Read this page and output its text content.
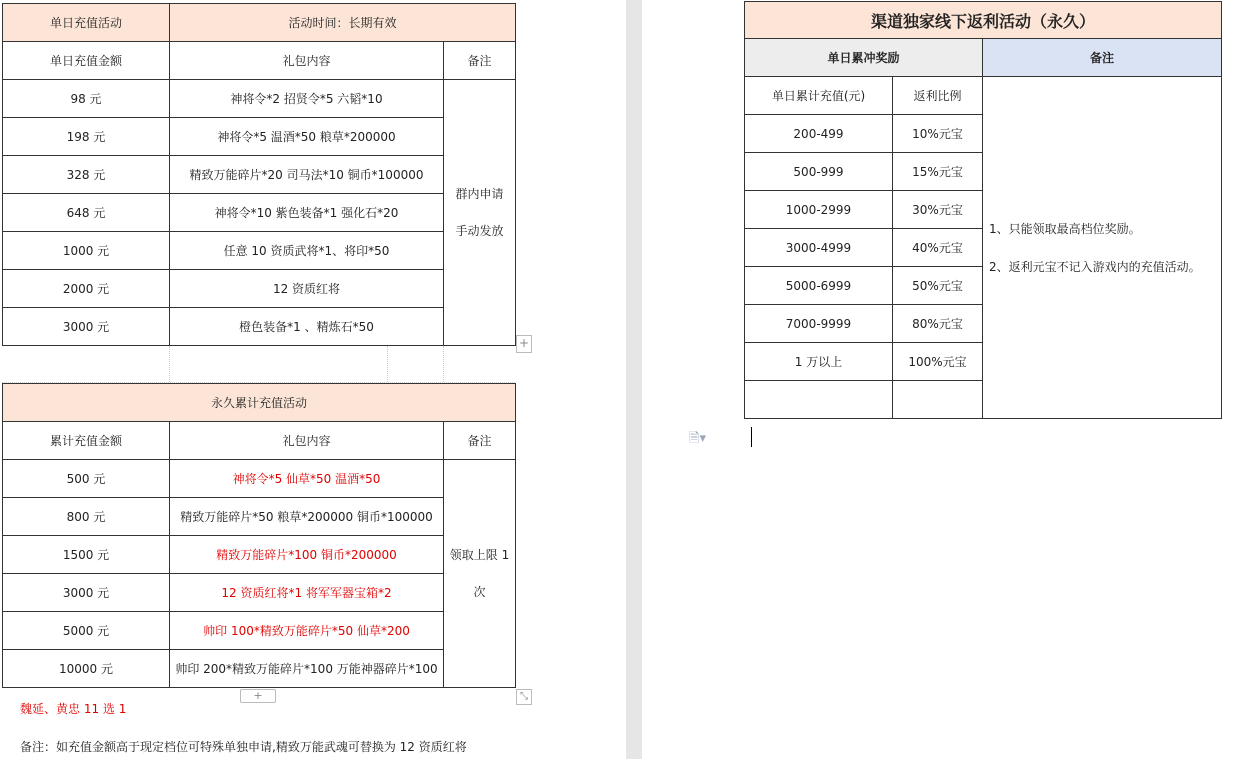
单日充值活动	活动时间：长期有效	
单日充值金额	礼包内容	备注
98 元	神将令*2 招贤令*5 六韬*10	群内申请
手动发放

198 元	神将令*5 温酒*50 粮草*200000	
328 元	精致万能碎片*20 司马法*10 铜币*100000	
648 元	神将令*10 紫色装备*1 强化石*20	
1000 元	任意 10 资质武将*1、将印*50	
2000 元	12 资质红将	
3000 元	橙色装备*1 、精炼石*50	
+
永久累计充值活动		
累计充值金额	礼包内容	备注
500 元	神将令*5 仙草*50 温酒*50	领取上限 1
次

800 元	精致万能碎片*50 粮草*200000 铜币*100000	
1500 元	精致万能碎片*100 铜币*200000	
3000 元	12 资质红将*1 将军军器宝箱*2	
5000 元	帅印 100*精致万能碎片*50 仙草*200	
10000 元	帅印 200*精致万能碎片*100 万能神器碎片*100	
+	⤡
魏延、黄忠 11 选 1
备注：如充值金额高于现定档位可特殊单独申请,精致万能武魂可替换为 12 资质红将
渠道独家线下返利活动（永久）		
单日累冲奖励		备注
单日累计充值(元)	返利比例	1、只能领取最高档位奖励。
2、返利元宝不记入游戏内的充值活动。

200-499	10%元宝	
500-999	15%元宝	
1000-2999	30%元宝	
3000-4999	40%元宝	
5000-6999	50%元宝	
7000-9999	80%元宝	
1 万以上	100%元宝	

🗎▾
